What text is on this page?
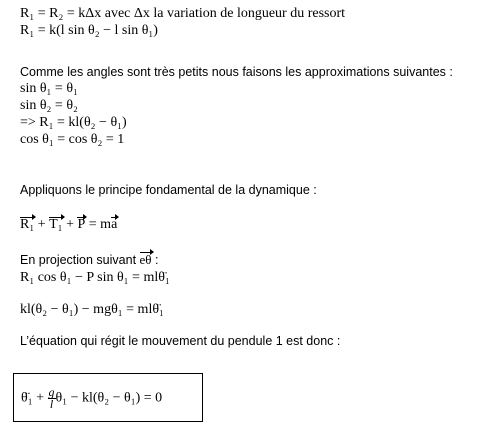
R₁ = R₂ = kΔx avec Δx la variation de longueur du ressort
R₁ = k(l sin θ₂ − l sin θ₁)
Comme les angles sont très petits nous faisons les approximations suivantes :
sin θ₁ = θ₁
sin θ₂ = θ₂
=> R₁ = kl(θ₂ − θ₁)
cos θ₁ = cos θ₂ = 1
Appliquons le principe fondamental de la dynamique :
R₁ + T₁ + P = ma
En projection suivant eθ :
R₁ cos θ₁ − P sin θ₁ = mlθ̈₁
kl(θ₂ − θ₁) − mgθ₁ = mlθ̈₁
L’équation qui régit le mouvement du pendule 1 est donc :
θ̈₁ + $\frac{g}{l} \theta_1 - kl(\theta_2 - \theta_1) = 0$
